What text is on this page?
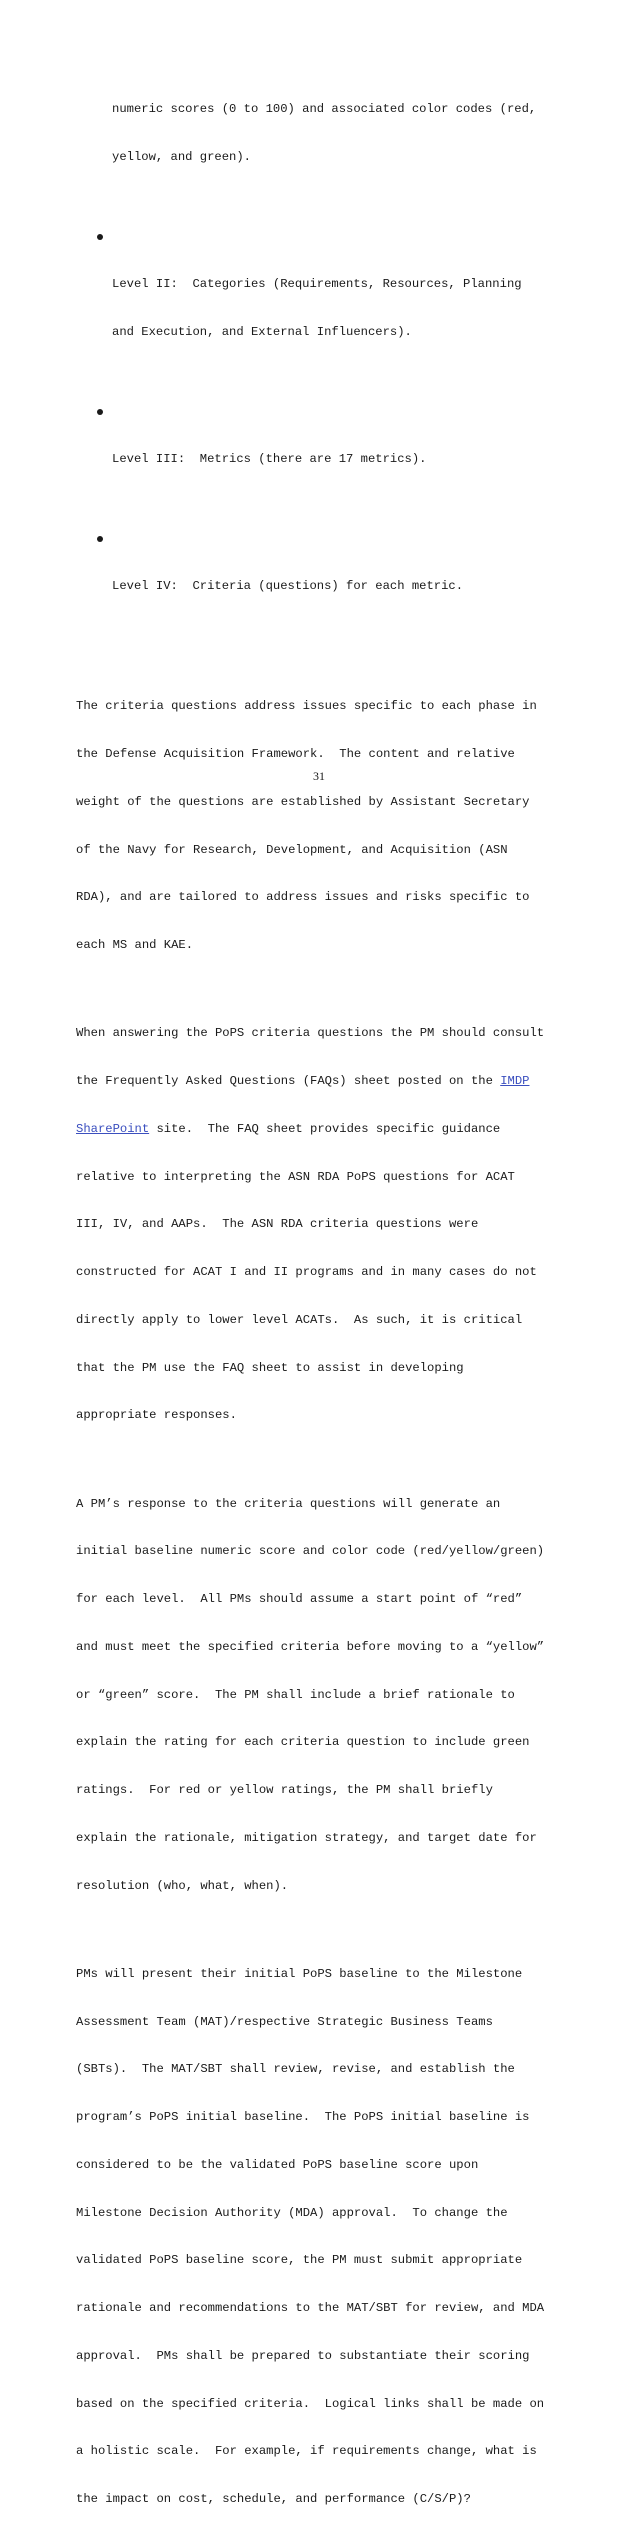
numeric scores (0 to 100) and associated color codes (red,

yellow, and green).

Level II:  Categories (Requirements, Resources, Planning

and Execution, and External Influencers).

Level III:  Metrics (there are 17 metrics).

Level IV:  Criteria (questions) for each metric.

The criteria questions address issues specific to each phase in

the Defense Acquisition Framework.  The content and relative

weight of the questions are established by Assistant Secretary

of the Navy for Research, Development, and Acquisition (ASN

RDA), and are tailored to address issues and risks specific to

each MS and KAE.

When answering the PoPS criteria questions the PM should consult

the Frequently Asked Questions (FAQs) sheet posted on the IMDP

SharePoint site.  The FAQ sheet provides specific guidance

relative to interpreting the ASN RDA PoPS questions for ACAT

III, IV, and AAPs.  The ASN RDA criteria questions were

constructed for ACAT I and II programs and in many cases do not

directly apply to lower level ACATs.  As such, it is critical

that the PM use the FAQ sheet to assist in developing

appropriate responses.

A PM’s response to the criteria questions will generate an

initial baseline numeric score and color code (red/yellow/green)

for each level.  All PMs should assume a start point of “red”

and must meet the specified criteria before moving to a “yellow”

or “green” score.  The PM shall include a brief rationale to

explain the rating for each criteria question to include green

ratings.  For red or yellow ratings, the PM shall briefly

explain the rationale, mitigation strategy, and target date for

resolution (who, what, when).

PMs will present their initial PoPS baseline to the Milestone

Assessment Team (MAT)/respective Strategic Business Teams

(SBTs).  The MAT/SBT shall review, revise, and establish the

program’s PoPS initial baseline.  The PoPS initial baseline is

considered to be the validated PoPS baseline score upon

Milestone Decision Authority (MDA) approval.  To change the

validated PoPS baseline score, the PM must submit appropriate

rationale and recommendations to the MAT/SBT for review, and MDA

approval.  PMs shall be prepared to substantiate their scoring

based on the specified criteria.  Logical links shall be made on

a holistic scale.  For example, if requirements change, what is

the impact on cost, schedule, and performance (C/S/P)?

31
